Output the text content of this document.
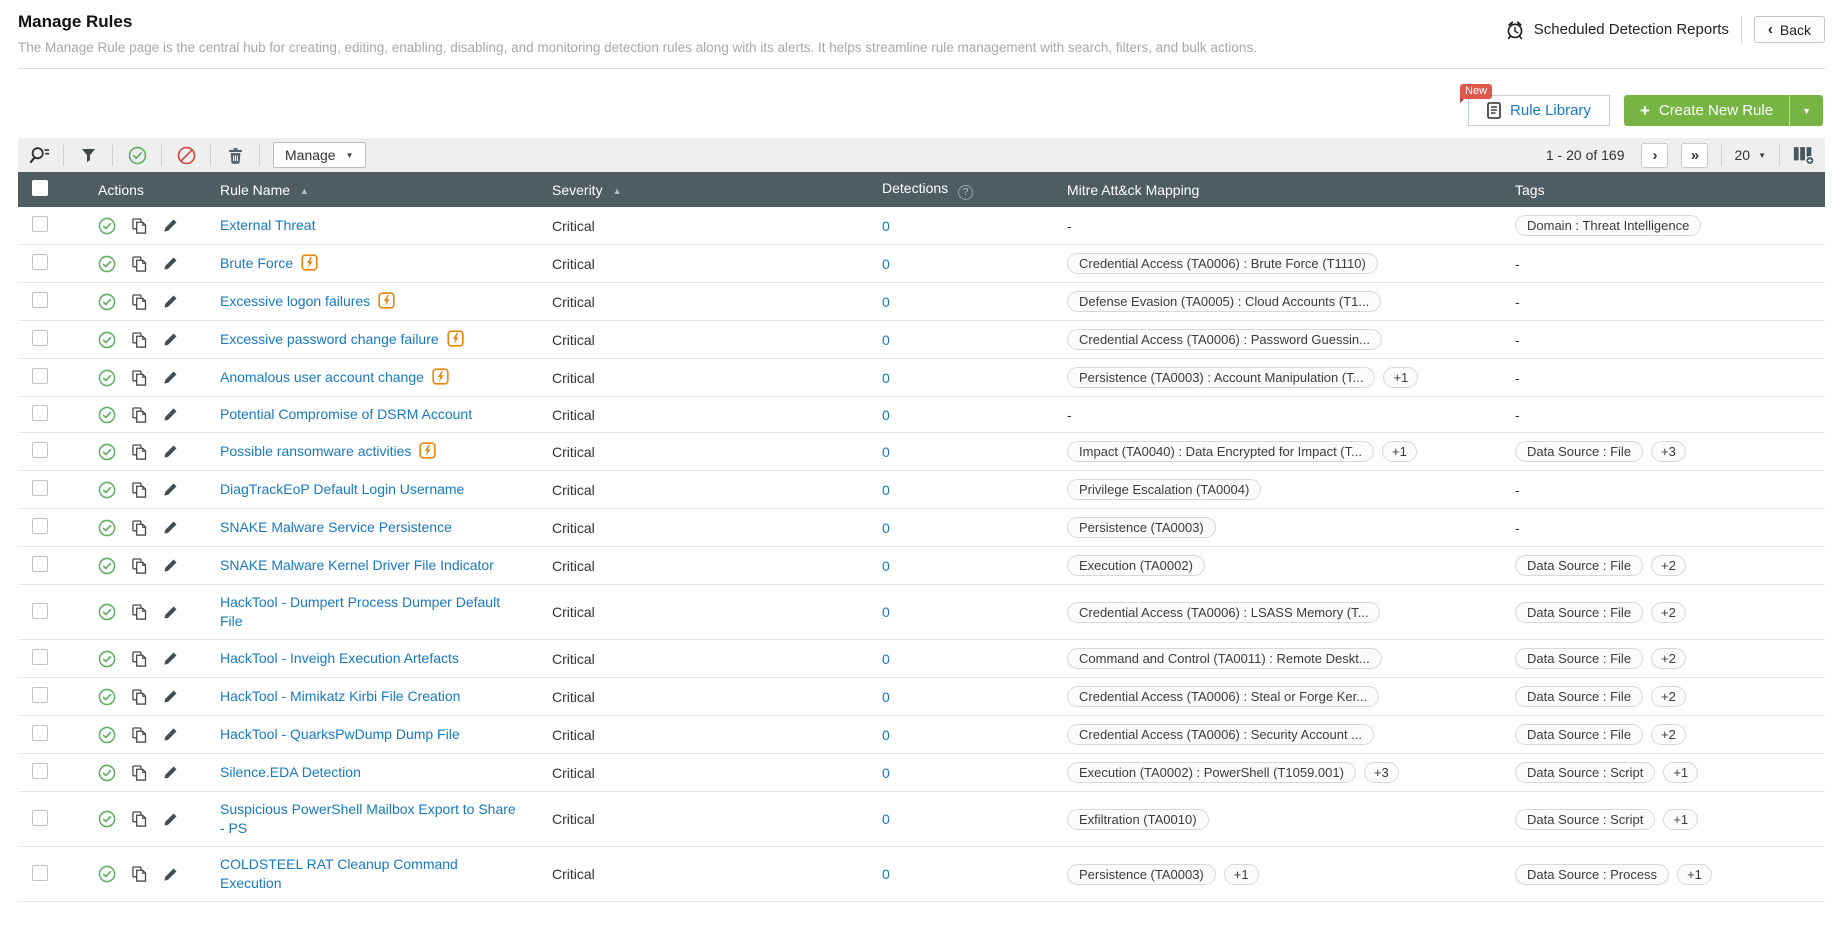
Manage Rules
The Manage Rule page is the central hub for creating, editing, enabling, disabling, and monitoring detection rules along with its alerts. It helps streamline rule management with search, filters, and bulk actions.
Scheduled Detection Reports	‹ Back
New
Rule Library	+ Create New Rule	▼
Manage ▼	1 - 20 of 169 › »	20 ▼
	Actions	Rule Name ▲	Severity ▲	Detections ?	Mitre Att&ck Mapping	Tags

	External Threat	Critical	0	-	Domain : Threat Intelligence

	Brute Force	Critical	0	Credential Access (TA0006) : Brute Force (T1110)	-

	Excessive logon failures	Critical	0	Defense Evasion (TA0005) : Cloud Accounts (T1...	-

	Excessive password change failure	Critical	0	Credential Access (TA0006) : Password Guessin...	-

	Anomalous user account change	Critical	0	Persistence (TA0003) : Account Manipulation (T... +1	-

	Potential Compromise of DSRM Account	Critical	0	-	-

	Possible ransomware activities	Critical	0	Impact (TA0040) : Data Encrypted for Impact (T... +1	Data Source : File +3

	DiagTrackEoP Default Login Username	Critical	0	Privilege Escalation (TA0004)	-

	SNAKE Malware Service Persistence	Critical	0	Persistence (TA0003)	-

	SNAKE Malware Kernel Driver File Indicator	Critical	0	Execution (TA0002)	Data Source : File +2

	HackTool - Dumpert Process Dumper Default File	Critical	0	Credential Access (TA0006) : LSASS Memory (T...	Data Source : File +2

	HackTool - Inveigh Execution Artefacts	Critical	0	Command and Control (TA0011) : Remote Deskt...	Data Source : File +2

	HackTool - Mimikatz Kirbi File Creation	Critical	0	Credential Access (TA0006) : Steal or Forge Ker...	Data Source : File +2

	HackTool - QuarksPwDump Dump File	Critical	0	Credential Access (TA0006) : Security Account ...	Data Source : File +2

	Silence.EDA Detection	Critical	0	Execution (TA0002) : PowerShell (T1059.001) +3	Data Source : Script +1

	Suspicious PowerShell Mailbox Export to Share - PS	Critical	0	Exfiltration (TA0010)	Data Source : Script +1

	COLDSTEEL RAT Cleanup Command Execution	Critical	0	Persistence (TA0003) +1	Data Source : Process +1
